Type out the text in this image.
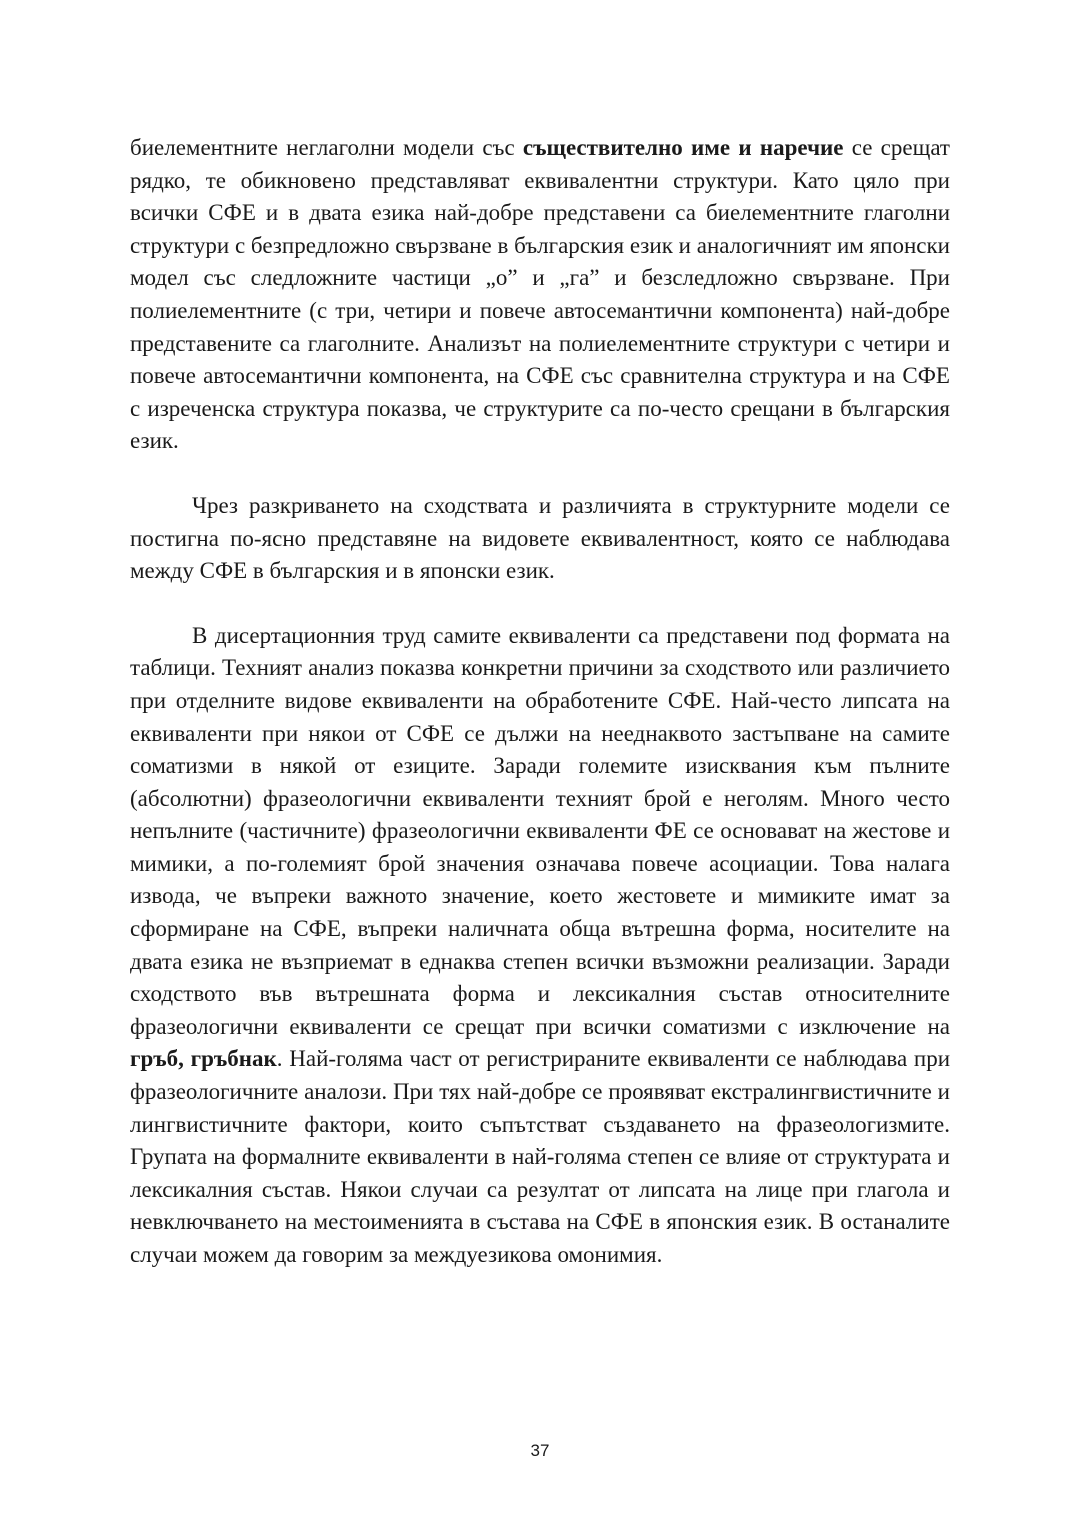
биелементните неглаголни модели със съществително име и наречие се срещат рядко, те обикновено представляват еквивалентни структури. Като цяло при всички СФЕ и в двата езика най-добре представени са биелементните глаголни структури с безпредложно свързване в българския език и аналогичният им японски модел със следложните частици „о” и „га” и безследложно свързване. При полиелементните (с три, четири и повече автосемантични компонента) най-добре представените са глаголните. Анализът на полиелементните структури с четири и повече автосемантични компонента, на СФЕ със сравнителна структура и на СФЕ с изреченска структура показва, че структурите са по-често срещани в българския език.

Чрез разкриването на сходствата и различията в структурните модели се постигна по-ясно представяне на видовете еквивалентност, която се наблюдава между СФЕ в българския и в японски език.

В дисертационния труд самите еквиваленти са представени под формата на таблици. Техният анализ показва конкретни причини за сходството или различието при отделните видове еквиваленти на обработените СФЕ. Най-често липсата на еквиваленти при някои от СФЕ се дължи на нееднаквото застъпване на самите соматизми в някой от езиците. Заради големите изисквания към пълните (абсолютни) фразеологични еквиваленти техният брой е неголям. Много често непълните (частичните) фразеологични еквиваленти ФЕ се основават на жестове и мимики, а по-големият брой значения означава повече асоциации. Това налага извода, че въпреки важното значение, което жестовете и мимиките имат за сформиране на СФЕ, въпреки наличната обща вътрешна форма, носителите на двата езика не възприемат в еднаква степен всички възможни реализации. Заради сходството във вътрешната форма и лексикалния състав относителните фразеологични еквиваленти се срещат при всички соматизми с изключение на гръб, гръбнак. Най-голяма част от регистрираните еквиваленти се наблюдава при фразеологичните аналози. При тях най-добре се проявяват екстралингвистичните и лингвистичните фактори, които съпътстват създаването на фразеологизмите. Групата на формалните еквиваленти в най-голяма степен се влияе от структурата и лексикалния състав. Някои случаи са резултат от липсата на лице при глагола и невключването на местоименията в състава на СФЕ в японския език. В останалите случаи можем да говорим за междуезикова омонимия.

37
